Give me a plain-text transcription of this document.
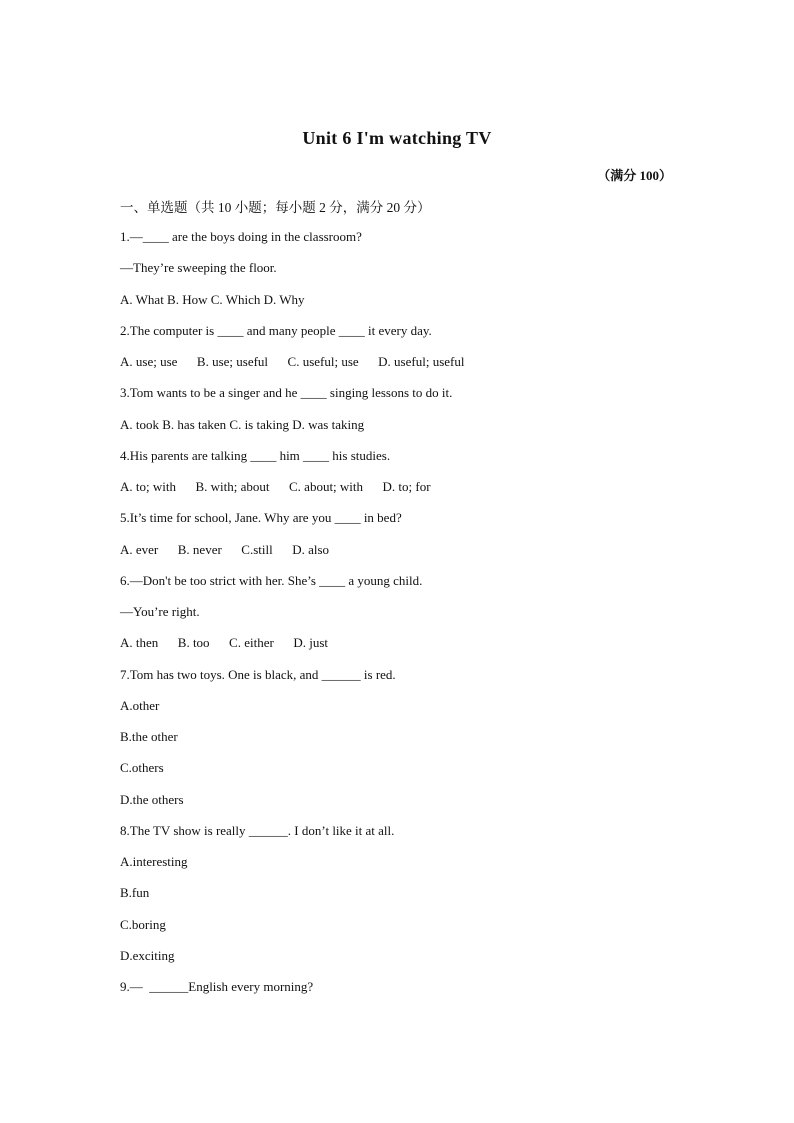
Unit 6 I'm watching TV
（满分 100）
一、单选题（共 10 小题；每小题 2 分，满分 20 分）
1.—____ are the boys doing in the classroom?
—They’re sweeping the floor.
A. What B. How C. Which D. Why
2.The computer is ____ and many people ____ it every day.
A. use; use      B. use; useful      C. useful; use      D. useful; useful
3.Tom wants to be a singer and he ____ singing lessons to do it.
A. took B. has taken C. is taking D. was taking
4.His parents are talking ____ him ____ his studies.
A. to; with      B. with; about      C. about; with      D. to; for
5.It’s time for school, Jane. Why are you ____ in bed?
A. ever      B. never      C.still      D. also
6.—Don't be too strict with her. She’s ____ a young child.
—You’re right.
A. then      B. too      C. either      D. just
7.Tom has two toys. One is black, and ______ is red.
A.other
B.the other
C.others
D.the others
8.The TV show is really ______. I don’t like it at all.
A.interesting
B.fun
C.boring
D.exciting
9.—  ______English every morning?
